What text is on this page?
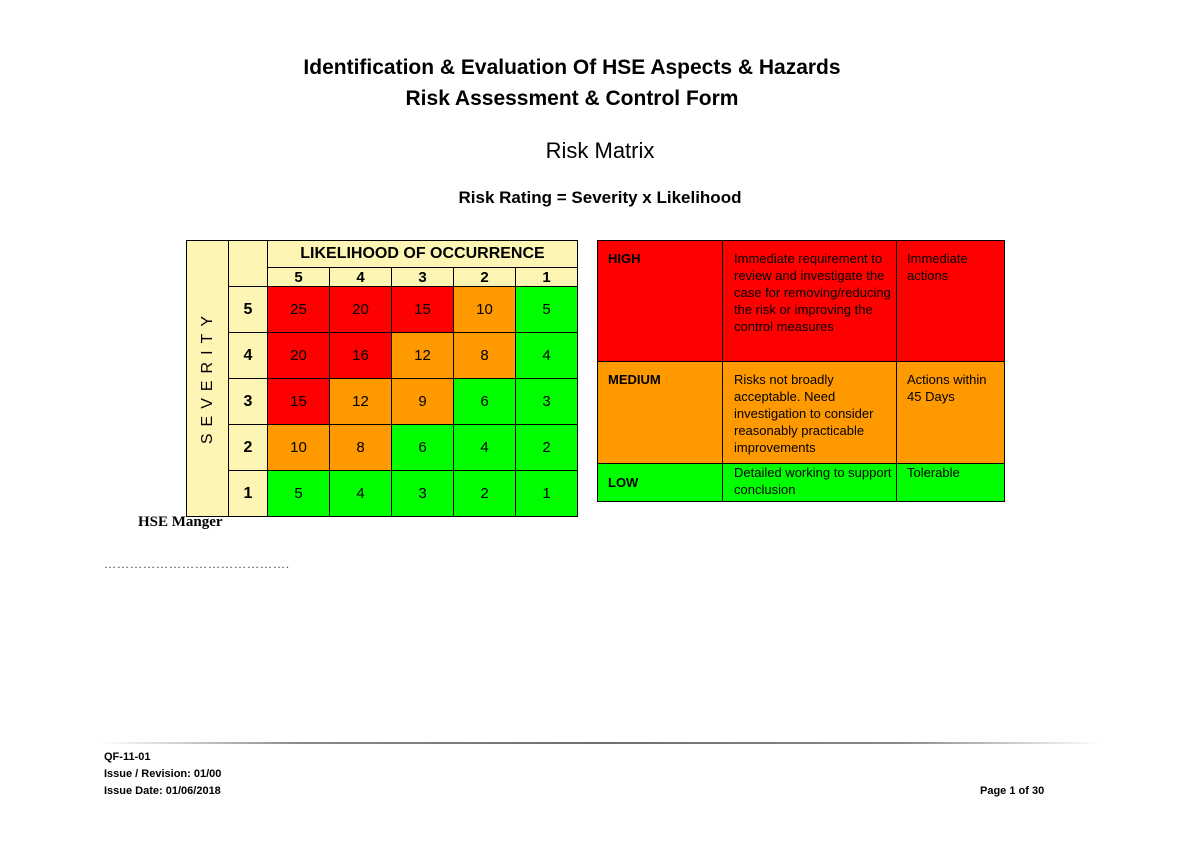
Identification & Evaluation Of HSE Aspects & Hazards
Risk Assessment & Control Form
Risk Matrix
Risk Rating = Severity x Likelihood
SEVERITY		LIKELIHOOD OF OCCURRENCE				
		5	4	3	2	1
	5	25	20	15	10	5
	4	20	16	12	8	4
	3	15	12	9	6	3
	2	10	8	6	4	2
	1	5	4	3	2	1
HIGH	Immediate requirement to review and investigate the case for removing/reducing the risk or improving the control measures	Immediate actions
MEDIUM	Risks not broadly acceptable. Need investigation to consider reasonably practicable improvements	Actions within 45 Days
LOW	Detailed working to support conclusion	Tolerable
HSE Manger
…………………………………….
QF-11-01
Issue / Revision: 01/00
Issue Date: 01/06/2018	Page 1 of 30
